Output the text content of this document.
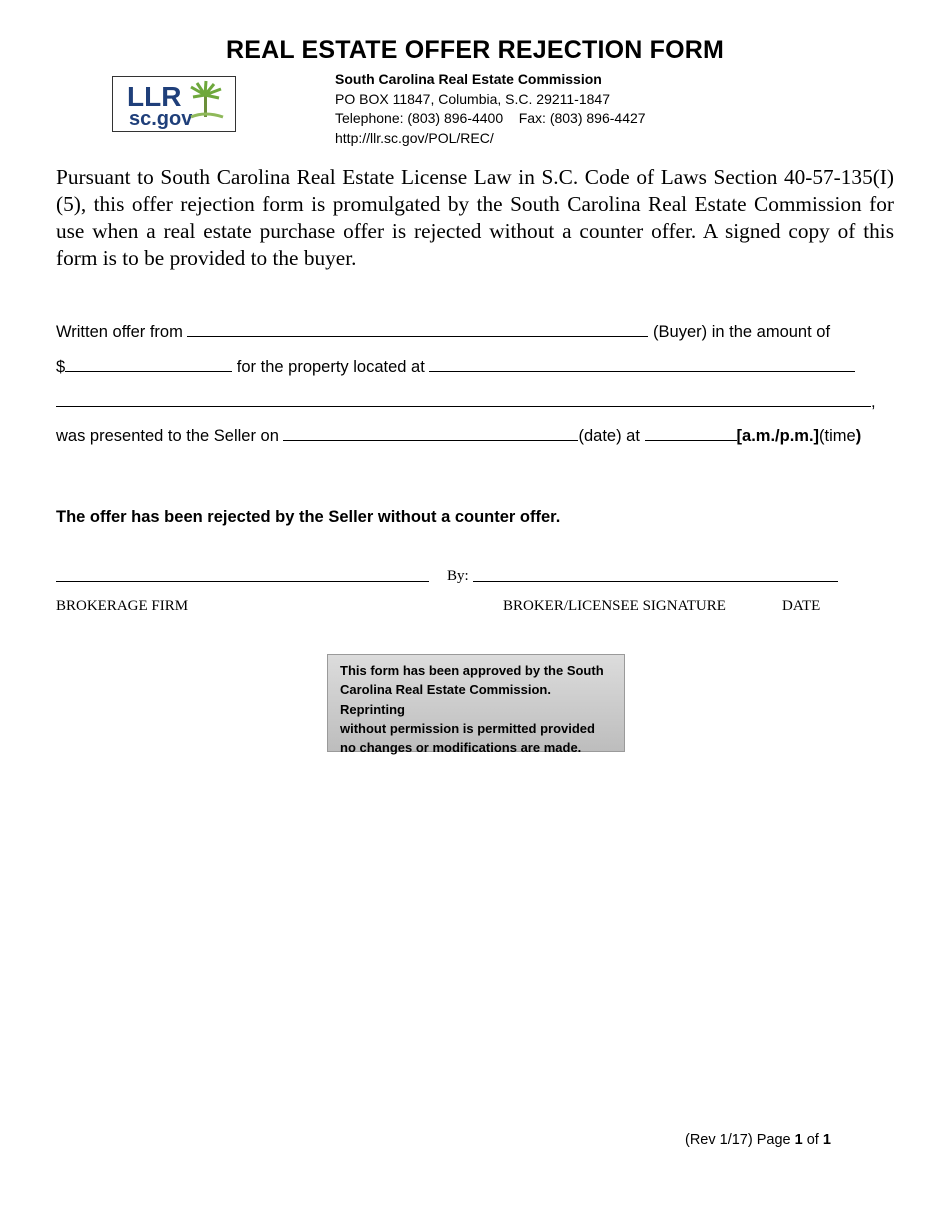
REAL ESTATE OFFER REJECTION FORM
LLR
sc.gov
South Carolina Real Estate Commission
PO BOX 11847, Columbia, S.C. 29211-1847
Telephone: (803) 896-4400 Fax: (803) 896-4427
http://llr.sc.gov/POL/REC/
Pursuant to South Carolina Real Estate License Law in S.C. Code of Laws Section 40-57-135(I)(5), this offer rejection form is promulgated by the South Carolina Real Estate Commission for use when a real estate purchase offer is rejected without a counter offer. A signed copy of this form is to be provided to the buyer.
Written offer from	(Buyer) in the amount of
$	for the property located at
,
was presented to the Seller on	(date) at	[a.m./p.m.](time)
The offer has been rejected by the Seller without a counter offer.
By:
BROKERAGE FIRM	BROKER/LICENSEE SIGNATURE	DATE
This form has been approved by the South
Carolina Real Estate Commission. Reprinting
without permission is permitted provided
no changes or modifications are made.
(Rev 1/17) Page 1 of 1
